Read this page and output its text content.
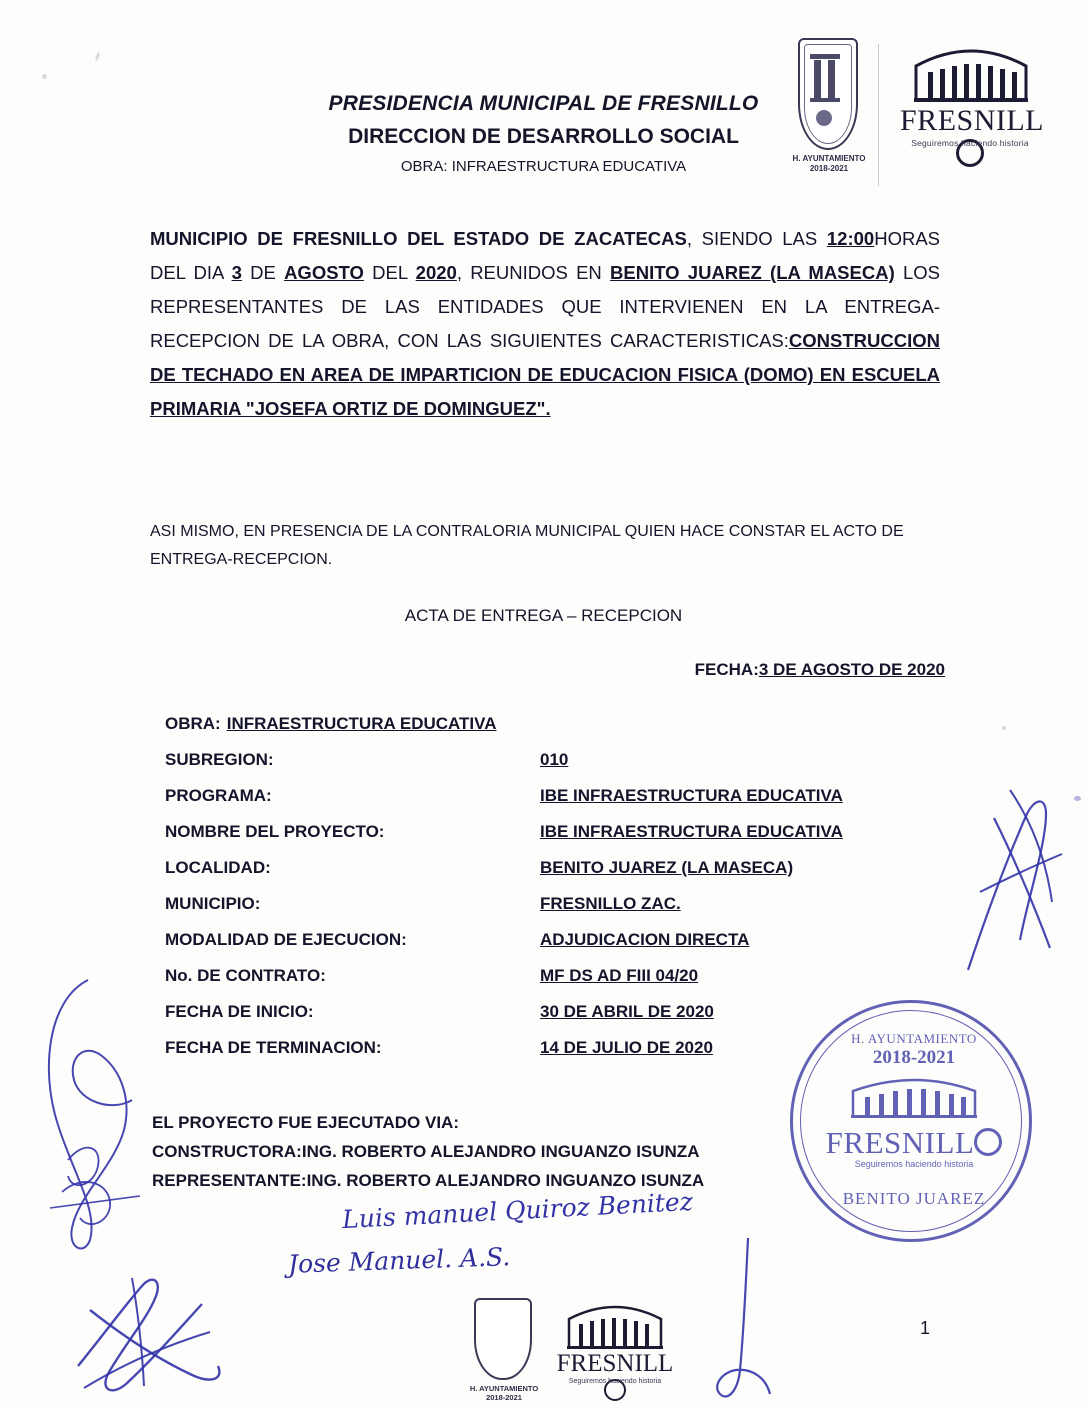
PRESIDENCIA MUNICIPAL DE FRESNILLO
DIRECCION DE DESARROLLO SOCIAL
OBRA: INFRAESTRUCTURA EDUCATIVA	H. AYUNTAMIENTO
2018-2021
FRESNILL
Seguiremos haciendo historia
MUNICIPIO DE FRESNILLO DEL ESTADO DE ZACATECAS, SIENDO LAS 12:00HORAS DEL DIA 3 DE AGOSTO DEL 2020, REUNIDOS EN BENITO JUAREZ (LA MASECA) LOS REPRESENTANTES DE LAS ENTIDADES QUE INTERVIENEN EN LA ENTREGA-RECEPCION DE LA OBRA, CON LAS SIGUIENTES CARACTERISTICAS:CONSTRUCCION DE TECHADO EN AREA DE IMPARTICION DE EDUCACION FISICA (DOMO) EN ESCUELA PRIMARIA "JOSEFA ORTIZ DE DOMINGUEZ".
ASI MISMO, EN PRESENCIA DE LA CONTRALORIA MUNICIPAL QUIEN HACE CONSTAR EL ACTO DE ENTREGA-RECEPCION.
ACTA DE ENTREGA – RECEPCION
FECHA:3 DE AGOSTO DE 2020
OBRA: INFRAESTRUCTURA EDUCATIVA
SUBREGION:	010
PROGRAMA:	IBE INFRAESTRUCTURA EDUCATIVA
NOMBRE DEL PROYECTO:	IBE INFRAESTRUCTURA EDUCATIVA
LOCALIDAD:	BENITO JUAREZ (LA MASECA)
MUNICIPIO:	FRESNILLO ZAC.
MODALIDAD DE EJECUCION:	ADJUDICACION DIRECTA
No. DE CONTRATO:	MF DS AD FIII 04/20
FECHA DE INICIO:	30 DE ABRIL DE 2020
FECHA DE TERMINACION:	14 DE JULIO DE 2020
EL PROYECTO FUE EJECUTADO VIA:
CONSTRUCTORA:ING. ROBERTO ALEJANDRO INGUANZO ISUNZA
REPRESENTANTE:ING. ROBERTO ALEJANDRO INGUANZO ISUNZA
H. AYUNTAMIENTO
2018-2021
FRESNILL
Seguiremos haciendo historia
BENITO JUAREZ
Luis manuel Quiroz Benitez
Jose Manuel. A.S.
H. AYUNTAMIENTO
2018-2021
FRESNILL
Seguiremos haciendo historia
1
